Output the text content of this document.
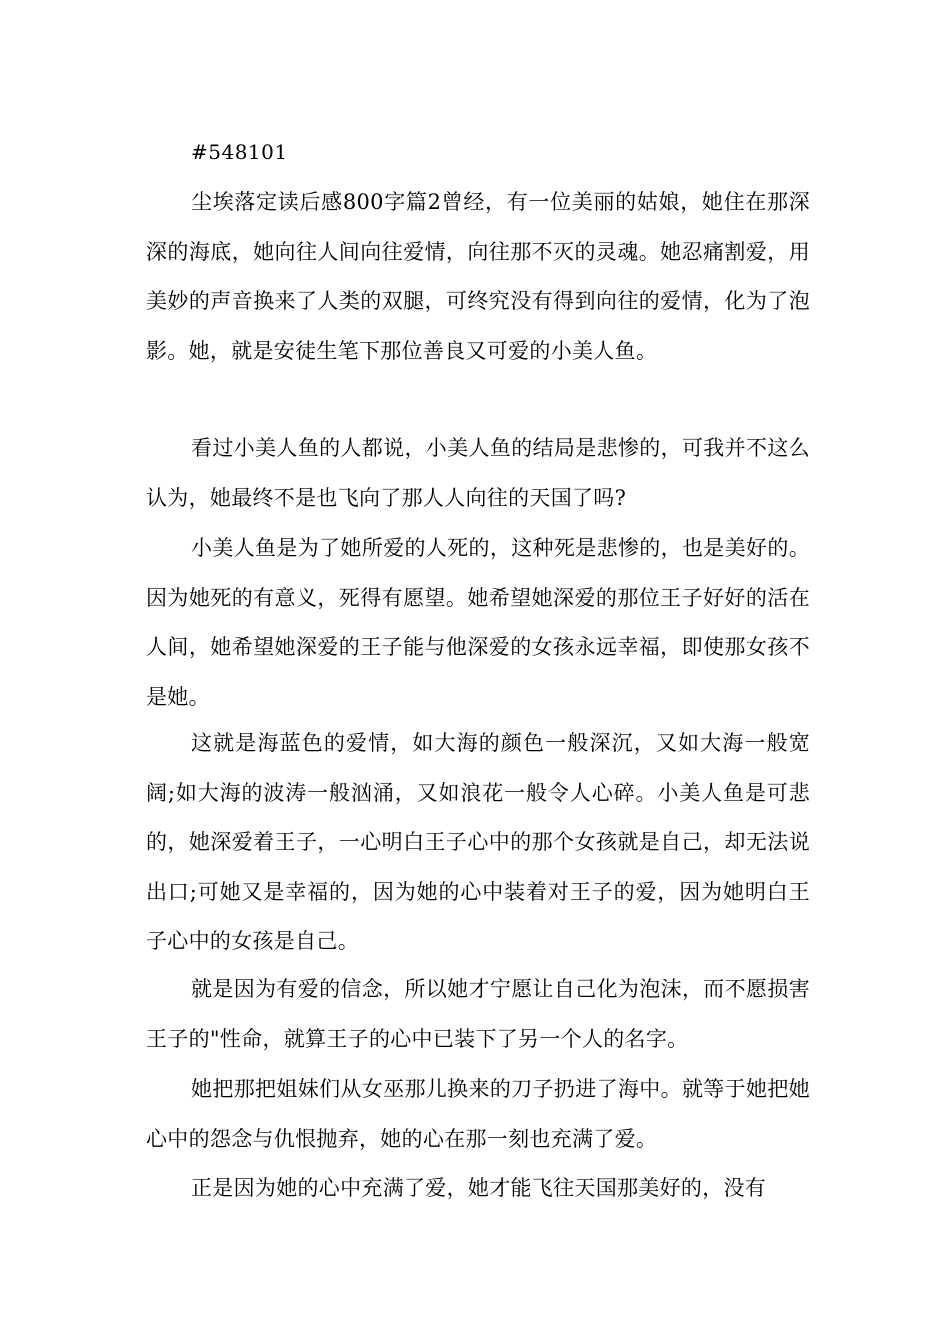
#548101

尘埃落定读后感800字篇2曾经，有一位美丽的姑娘，她住在那深深的海底，她向往人间向往爱情，向往那不灭的灵魂。她忍痛割爱，用美妙的声音换来了人类的双腿，可终究没有得到向往的爱情，化为了泡影。她，就是安徒生笔下那位善良又可爱的小美人鱼。

看过小美人鱼的人都说，小美人鱼的结局是悲惨的，可我并不这么认为，她最终不是也飞向了那人人向往的天国了吗?

小美人鱼是为了她所爱的人死的，这种死是悲惨的，也是美好的。因为她死的有意义，死得有愿望。她希望她深爱的那位王子好好的活在人间，她希望她深爱的王子能与他深爱的女孩永远幸福，即使那女孩不是她。

这就是海蓝色的爱情，如大海的颜色一般深沉，又如大海一般宽阔;如大海的波涛一般汹涌，又如浪花一般令人心碎。小美人鱼是可悲的，她深爱着王子，一心明白王子心中的那个女孩就是自己，却无法说出口;可她又是幸福的，因为她的心中装着对王子的爱，因为她明白王子心中的女孩是自己。

就是因为有爱的信念，所以她才宁愿让自己化为泡沫，而不愿损害王子的"性命，就算王子的心中已装下了另一个人的名字。

她把那把姐妹们从女巫那儿换来的刀子扔进了海中。就等于她把她心中的怨念与仇恨抛弃，她的心在那一刻也充满了爱。

正是因为她的心中充满了爱，她才能飞往天国那美好的，没有
